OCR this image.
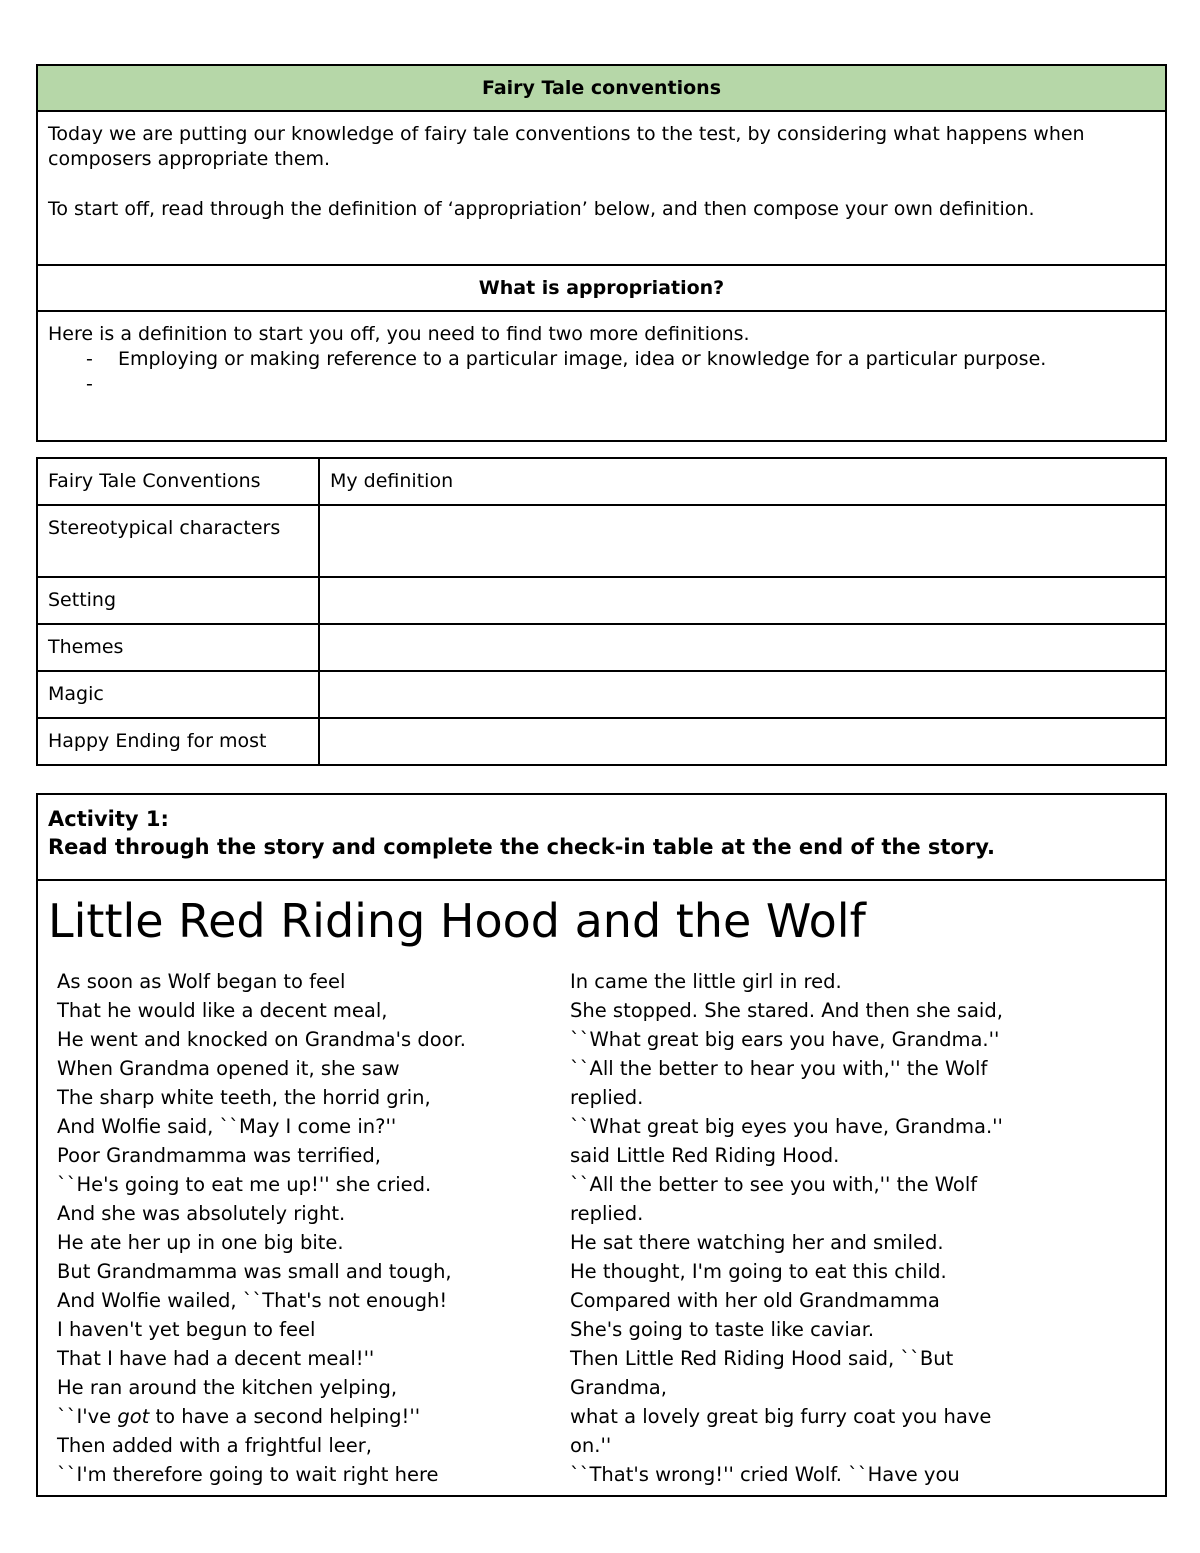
Fairy Tale conventions

Today we are putting our knowledge of fairy tale conventions to the test, by considering what happens when composers appropriate them.

To start off, read through the definition of ‘appropriation’ below, and then compose your own definition.

What is appropriation?

Here is a definition to start you off, you need to find two more definitions.
- Employing or making reference to a particular image, idea or knowledge for a particular purpose.
Fairy Tale Conventions	My definition
Stereotypical characters	
Setting	
Themes	
Magic	
Happy Ending for most	
Activity 1:
Read through the story and complete the check-in table at the end of the story.

Little Red Riding Hood and the Wolf
As soon as Wolf began to feel
That he would like a decent meal,
He went and knocked on Grandma's door.
When Grandma opened it, she saw
The sharp white teeth, the horrid grin,
And Wolfie said, ``May I come in?''
Poor Grandmamma was terrified,
``He's going to eat me up!'' she cried.
And she was absolutely right.
He ate her up in one big bite.
But Grandmamma was small and tough,
And Wolfie wailed, ``That's not enough!
I haven't yet begun to feel
That I have had a decent meal!''
He ran around the kitchen yelping,
``I've got to have a second helping!''
Then added with a frightful leer,
``I'm therefore going to wait right here
In came the little girl in red.
She stopped. She stared. And then she said,
``What great big ears you have, Grandma.''
``All the better to hear you with,'' the Wolf
replied.
``What great big eyes you have, Grandma.''
said Little Red Riding Hood.
``All the better to see you with,'' the Wolf
replied.
He sat there watching her and smiled.
He thought, I'm going to eat this child.
Compared with her old Grandmamma
She's going to taste like caviar.
Then Little Red Riding Hood said, ``But
Grandma,
what a lovely great big furry coat you have
on.''
``That's wrong!'' cried Wolf. ``Have you
